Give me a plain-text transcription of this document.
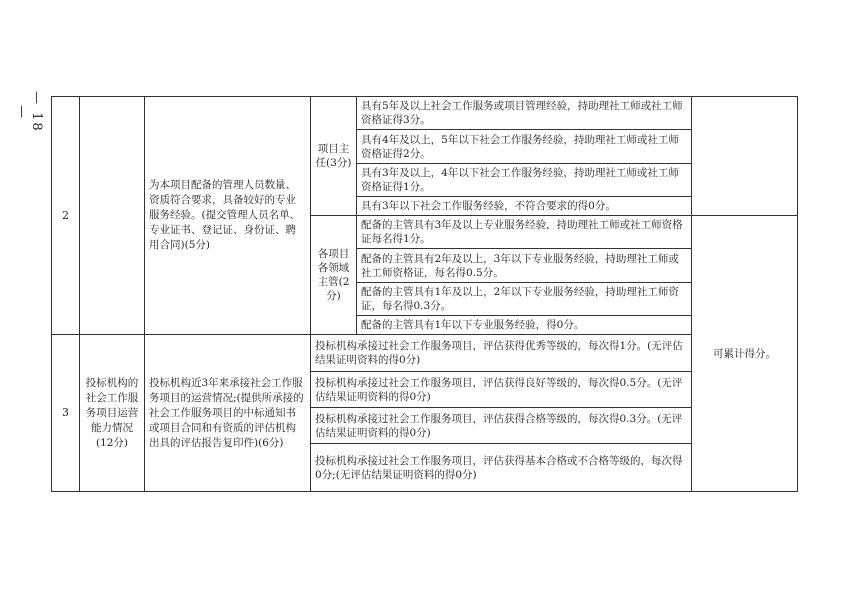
— 18 —
2		为本项目配备的管理人员数量、资质符合要求，具备较好的专业服务经验。(提交管理人员名单、专业证书、登记证、身份证、聘用合同)(5分)	项目主任(3分)	具有5年及以上社会工作服务或项目管理经验，持助理社工师或社工师资格证得3分。	
				具有4年及以上，5年以下社会工作服务经验，持助理社工师或社工师资格证得2分。	
				具有3年及以上，4年以下社会工作服务经验，持助理社工师或社工师资格证得1分。	
				具有3年以下社会工作服务经验，不符合要求的得0分。	
			各项目各领域主管(2分)	配备的主管具有3年及以上专业服务经验，持助理社工师或社工师资格证每名得1分。	可累计得分。
				配备的主管具有2年及以上，3年以下专业服务经验，持助理社工师或社工师资格证，每名得0.5分。	
				配备的主管具有1年及以上，2年以下专业服务经验，持助理社工师资证，每名得0.3分。	
				配备的主管具有1年以下专业服务经验，得0分。	
3	投标机构的社会工作服务项目运营能力情况(12分)	投标机构近3年来承接社会工作服务项目的运营情况;(提供所承接的社会工作服务项目的中标通知书或项目合同和有资质的评估机构出具的评估报告复印件)(6分)	投标机构承接过社会工作服务项目，评估获得优秀等级的，每次得1分。(无评估结果证明资料的得0分)		
			投标机构承接过社会工作服务项目，评估获得良好等级的，每次得0.5分。(无评估结果证明资料的得0分)		
			投标机构承接过社会工作服务项目，评估获得合格等级的，每次得0.3分。(无评估结果证明资料的得0分)		
			投标机构承接过社会工作服务项目，评估获得基本合格或不合格等级的，每次得0分;(无评估结果证明资料的得0分)		
